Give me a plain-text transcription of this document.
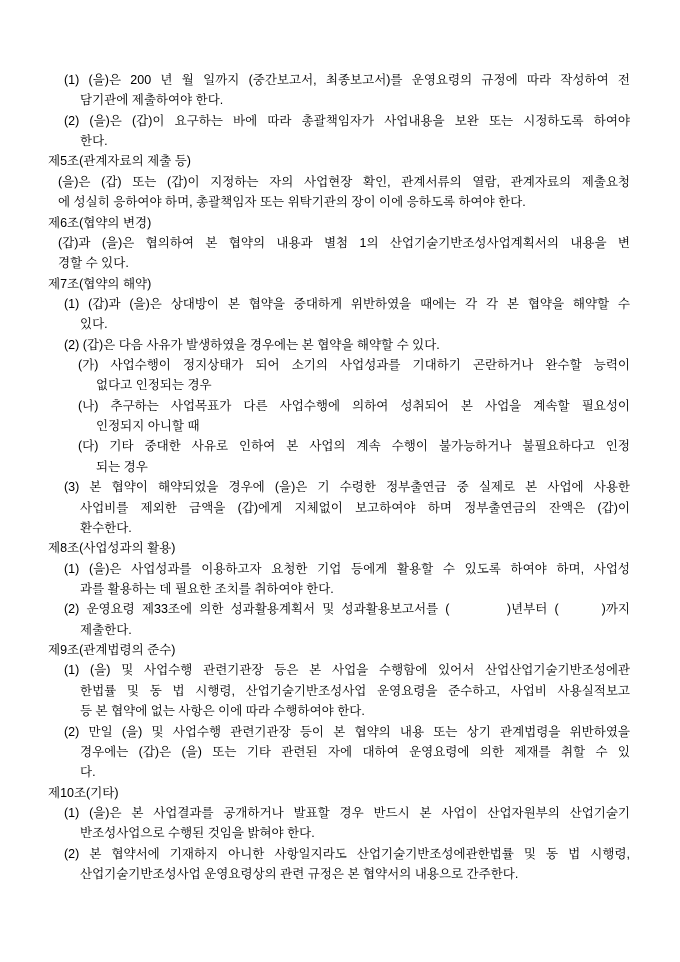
(1) (을)은 200 년 월 일까지 (중간보고서, 최종보고서)를 운영요령의 규정에 따라 작성하여 전
담기관에 제출하여야 한다.
(2) (을)은 (갑)이 요구하는 바에 따라 총괄책임자가 사업내용을 보완 또는 시정하도록 하여야
한다.
제5조(관계자료의 제출 등)
(을)은 (갑) 또는 (갑)이 지정하는 자의 사업현장 확인, 관계서류의 열람, 관계자료의 제출요청
에 성실히 응하여야 하며, 총괄책임자 또는 위탁기관의 장이 이에 응하도록 하여야 한다.
제6조(협약의 변경)
(갑)과 (을)은 협의하여 본 협약의 내용과 별첨 1의 산업기술기반조성사업계획서의 내용을 변
경할 수 있다.
제7조(협약의 해약)
(1) (갑)과 (을)은 상대방이 본 협약을 중대하게 위반하였을 때에는 각 각 본 협약을 해약할 수
있다.
(2) (갑)은 다음 사유가 발생하였을 경우에는 본 협약을 해약할 수 있다.
(가) 사업수행이 정지상태가 되어 소기의 사업성과를 기대하기 곤란하거나 완수할 능력이
없다고 인정되는 경우
(나) 추구하는 사업목표가 다른 사업수행에 의하여 성취되어 본 사업을 계속할 필요성이
인정되지 아니할 때
(다) 기타 중대한 사유로 인하여 본 사업의 계속 수행이 불가능하거나 불필요하다고 인정
되는 경우
(3) 본 협약이 해약되었을 경우에 (을)은 기 수령한 정부출연금 중 실제로 본 사업에 사용한
사업비를 제외한 금액을 (갑)에게 지체없이 보고하여야 하며 정부출연금의 잔액은 (갑)이
환수한다.
제8조(사업성과의 활용)
(1) (을)은 사업성과를 이용하고자 요청한 기업 등에게 활용할 수 있도록 하여야 하며, 사업성
과를 활용하는 데 필요한 조치를 취하여야 한다.
(2) 운영요령 제33조에 의한 성과활용계획서 및 성과활용보고서를 (        )년부터 (      )까지
제출한다.
제9조(관계법령의 준수)
(1) (을) 및 사업수행 관련기관장 등은 본 사업을 수행함에 있어서 산업산업기술기반조성에관
한법률 및 동 법 시행령, 산업기술기반조성사업 운영요령을 준수하고, 사업비 사용실적보고
등 본 협약에 없는 사항은 이에 따라 수행하여야 한다.
(2) 만일 (을) 및 사업수행 관련기관장 등이 본 협약의 내용 또는 상기 관계법령을 위반하였을
경우에는 (갑)은 (을) 또는 기타 관련된 자에 대하여 운영요령에 의한 제재를 취할 수 있
다.
제10조(기타)
(1) (을)은 본 사업결과를 공개하거나 발표할 경우 반드시 본 사업이 산업자원부의 산업기술기
반조성사업으로 수행된 것임을 밝혀야 한다.
(2) 본 협약서에 기재하지 아니한 사항일지라도 산업기술기반조성에관한법률 및 동 법 시행령,
산업기술기반조성사업 운영요령상의 관련 규정은 본 협약서의 내용으로 간주한다.
